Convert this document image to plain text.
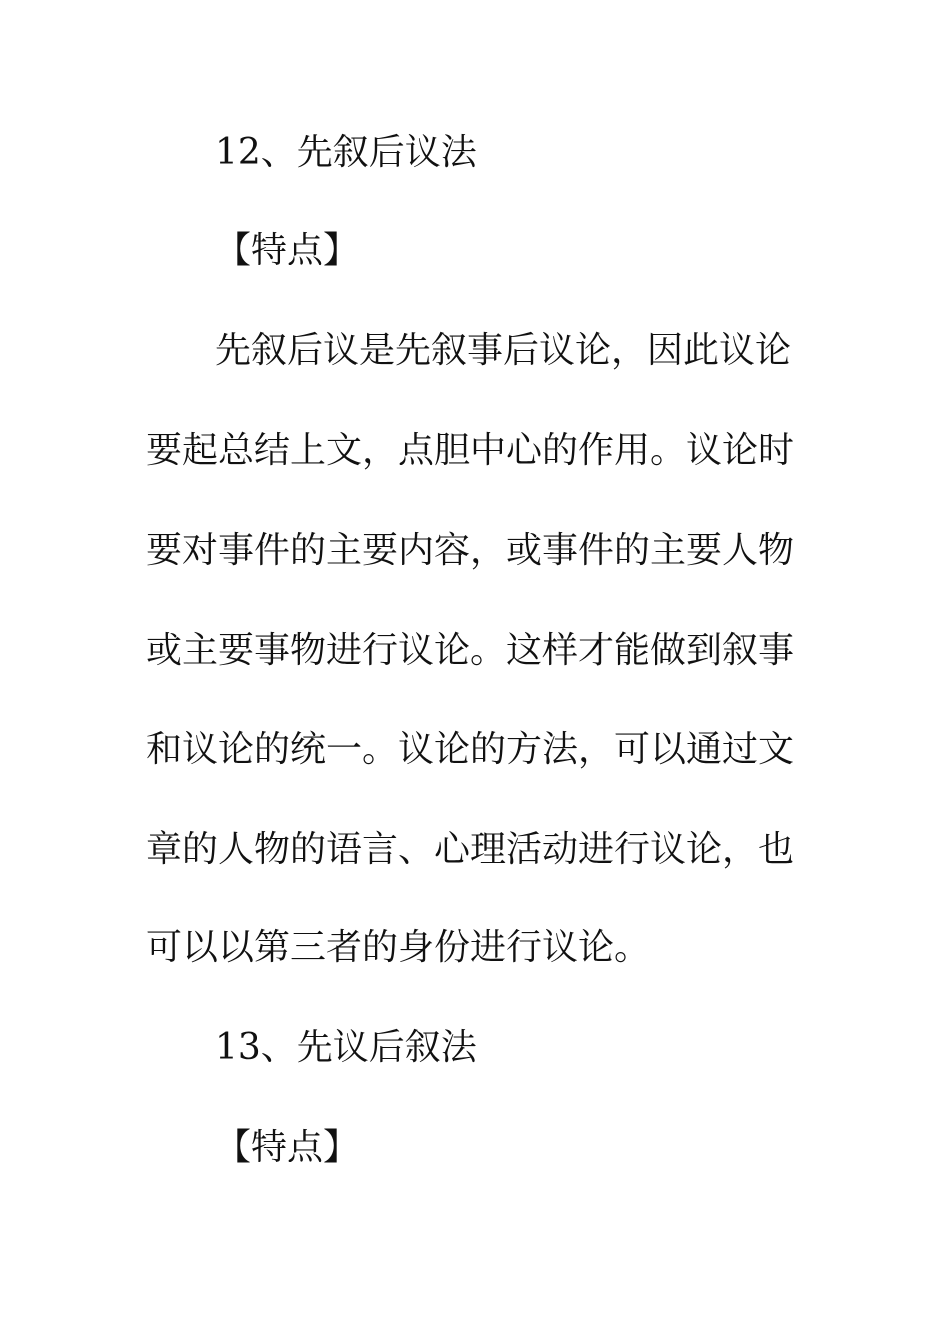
12、先叙后议法
【特点】
先叙后议是先叙事后议论，因此议论
要起总结上文，点胆中心的作用。议论时
要对事件的主要内容，或事件的主要人物
或主要事物进行议论。这样才能做到叙事
和议论的统一。议论的方法，可以通过文
章的人物的语言、心理活动进行议论，也
可以以第三者的身份进行议论。
13、先议后叙法
【特点】
